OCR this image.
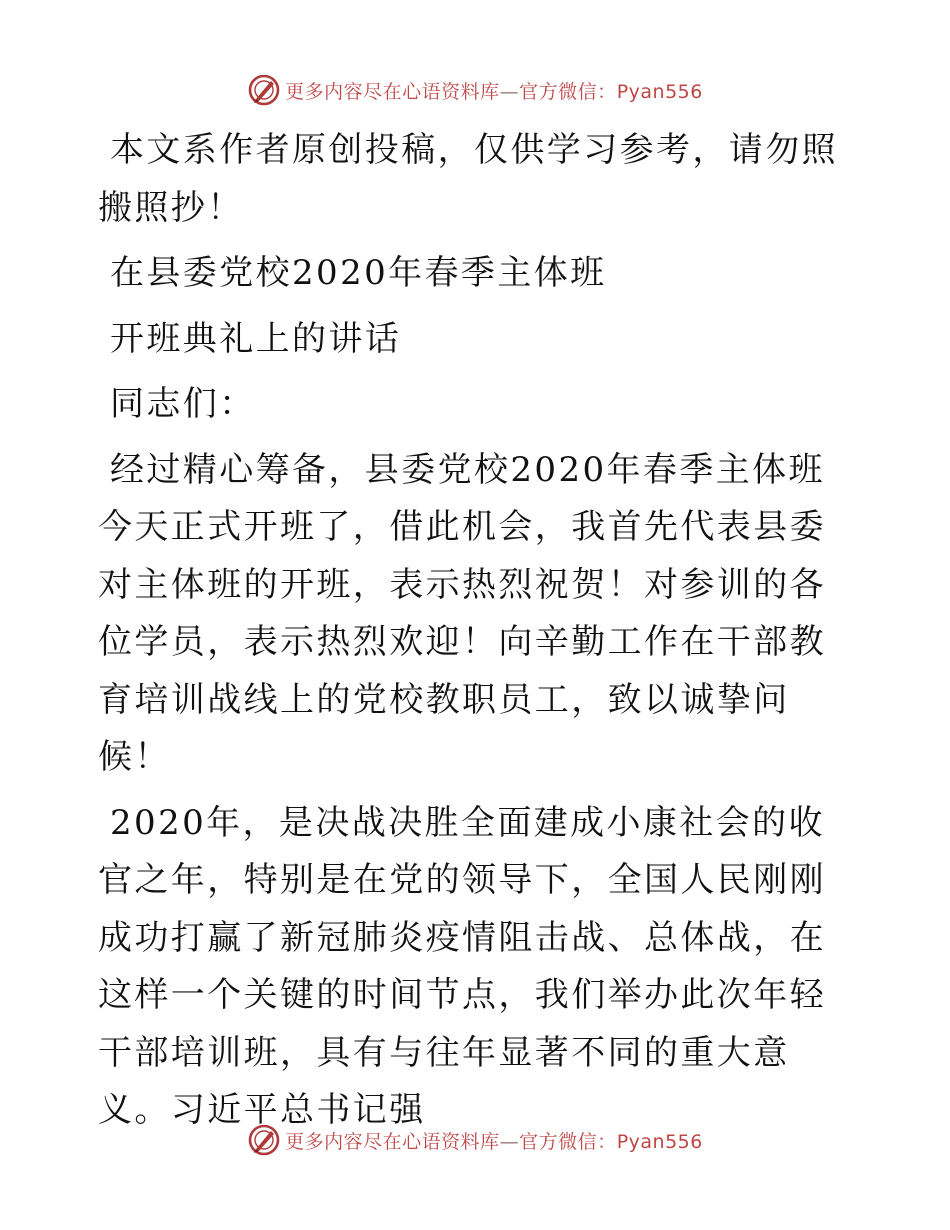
更多内容尽在心语资料库—官方微信：Pyan556

本文系作者原创投稿，仅供学习参考，请勿照搬照抄！

在县委党校2020年春季主体班

开班典礼上的讲话

同志们：

经过精心筹备，县委党校2020年春季主体班今天正式开班了，借此机会，我首先代表县委对主体班的开班，表示热烈祝贺！对参训的各位学员，表示热烈欢迎！向辛勤工作在干部教育培训战线上的党校教职员工，致以诚挚问候！

2020年，是决战决胜全面建成小康社会的收官之年，特别是在党的领导下，全国人民刚刚成功打赢了新冠肺炎疫情阻击战、总体战，在这样一个关键的时间节点，我们举办此次年轻干部培训班，具有与往年显著不同的重大意义。习近平总书记强

更多内容尽在心语资料库—官方微信：Pyan556
